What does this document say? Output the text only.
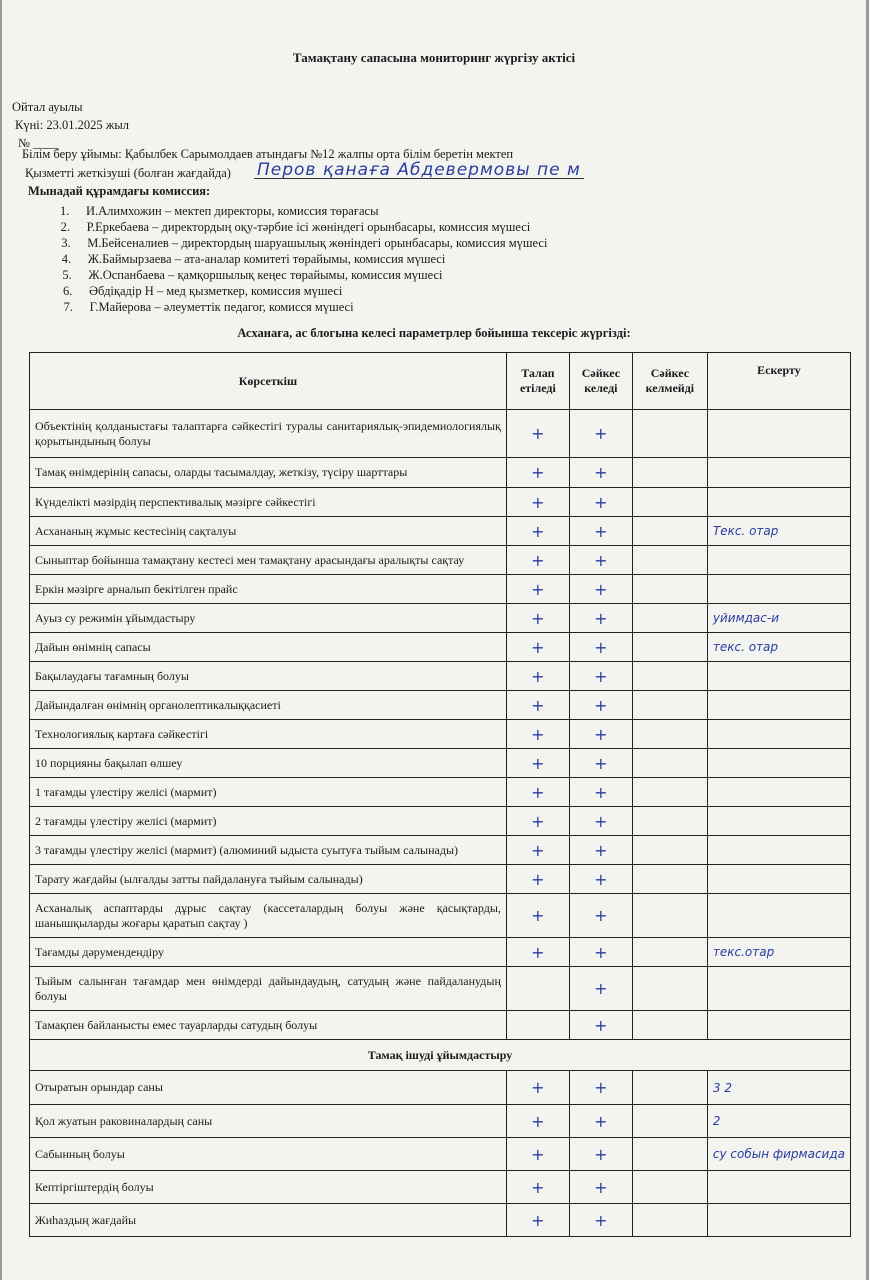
Тамақтану сапасына мониторинг жүргізу актісі
Ойтал ауылы
Күні: 23.01.2025 жыл
№ ____
Білім беру ұйымы: Қабылбек Сарымолдаев атындағы №12 жалпы орта білім беретін мектеп
Қызметті жеткізуші (болған жағдайда) Перов қанаға Абдевермовы пе м
Мынадай құрамдағы комиссия:
1. И.Алимхожин – мектеп директоры, комиссия төрағасы
2. Р.Еркебаева – директордың оқу-тәрбие ісі жөніндегі орынбасары, комиссия мүшесі
3. М.Бейсеналиев – директордың шаруашылық жөніндегі орынбасары, комиссия мүшесі
4. Ж.Баймырзаева – ата-аналар комитеті төрайымы, комиссия мүшесі
5. Ж.Оспанбаева – қамқоршылық кеңес төрайымы, комиссия мүшесі
6. Әбдіқадір Н – мед қызметкер, комиссия мүшесі
7. Г.Майерова – әлеуметтік педагог, комисся мүшесі
Асханаға, ас блогына келесі параметрлер бойынша тексеріс жүргізді:
Көрсеткіш	Талап етіледі	Сәйкес келеді	Сәйкес келмейді	Ескерту
Объектінің қолданыстағы талаптарға сәйкестігі туралы санитариялық-эпидемиологиялық қорытындының болуы	+	+		
Тамақ өнімдерінің сапасы, оларды тасымалдау, жеткізу, түсіру шарттары	+	+		
Күнделікті мәзірдің перспективалық мәзірге сәйкестігі	+	+		
Асхананың жұмыс кестесінің сақталуы	+	+		Текс. отар
Сыныптар бойынша тамақтану кестесі мен тамақтану арасындағы аралықты сақтау	+	+		
Еркін мәзірге арналып бекітілген прайс	+	+		
Ауыз су режимін ұйымдастыру	+	+		уйимдас-и
Дайын өнімнің сапасы	+	+		текс. отар
Бақылаудағы тағамның болуы	+	+		
Дайындалған өнімнің органолептикалыққасиеті	+	+		
Технологиялық картаға сәйкестігі	+	+		
10 порцияны бақылап өлшеу	+	+		
1 тағамды үлестіру желісі (мармит)	+	+		
2 тағамды үлестіру желісі (мармит)	+	+		
3 тағамды үлестіру желісі (мармит) (алюминий ыдыста суытуға тыйым салынады)	+	+		
Тарату жағдайы (ылғалды затты пайдалануға тыйым салынады)	+	+		
Асханалық аспаптарды дұрыс сақтау (кассеталардың болуы және қасықтарды, шанышқыларды жоғары қаратып сақтау )	+	+		
Тағамды дәрумендендіру	+	+		текс.отар
Тыйым салынған тағамдар мен өнімдерді дайындаудың, сатудың және пайдаланудың болуы		+		
Тамақпен байланысты емес тауарларды сатудың болуы		+		
Тамақ ішуді ұйымдастыру				
Отыратын орындар саны	+	+		3 2
Қол жуатын раковиналардың саны	+	+		2
Сабынның болуы	+	+		су собын фирмасида
Кептіргіштердің болуы	+	+		
Жиһаздың жағдайы	+	+		
